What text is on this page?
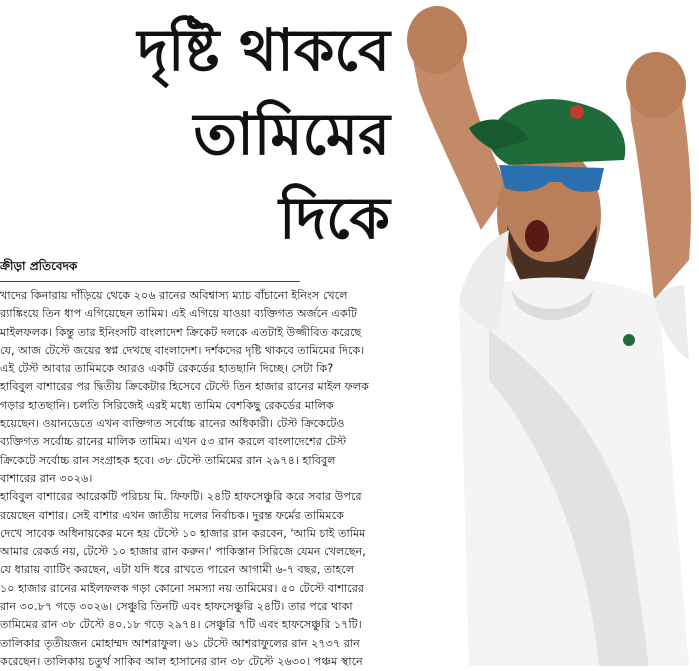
দৃষ্টি থাকবে
তামিমের
দিকে
ক্রীড়া প্রতিবেদক

খাদের কিনারায় দাঁড়িয়ে থেকে ২০৬ রানের অবিশ্বাস্য ম্যাচ বাঁচানো ইনিংস খেলে
র‍্যাঙ্কিংয়ে তিন ধাপ এগিয়েছেন তামিম। এই এগিয়ে যাওয়া ব্যক্তিগত অর্জনে একটি
মাইলফলক। কিন্তু তার ইনিংসটি বাংলাদেশ ক্রিকেট দলকে এতটাই উজ্জীবিত করেছে
যে, আজ টেস্টে জয়ের স্বপ্ন দেখছে বাংলাদেশ। দর্শকদের দৃষ্টি থাকবে তামিমের দিকে।
এই টেস্ট আবার তামিমকে আরও একটি রেকর্ডের হাতছানি দিচ্ছে। সেটা কি?
হাবিবুল বাশারের পর দ্বিতীয় ক্রিকেটার হিসেবে টেস্টে তিন হাজার রানের মাইল ফলক
গড়ার হাতছানি। চলতি সিরিজেই এরই মধ্যে তামিম বেশকিছু রেকর্ডের মালিক
হয়েছেন। ওয়ানডেতে এখন ব্যক্তিগত সর্বোচ্চ রানের অধিকারী। টেস্ট ক্রিকেটেও
ব্যক্তিগত সর্বোচ্চ রানের মালিক তামিম। এখন ৫৩ রান করলে বাংলাদেশের টেস্ট
ক্রিকেটে সর্বোচ্চ রান সংগ্রাহক হবে। ৩৮ টেস্টে তামিমের রান ২৯৭৪। হাবিবুল
বাশারের রান ৩০২৬।

হাবিবুল বাশারের আরেকটি পরিচয় মি. ফিফটি। ২৪টি হাফসেঞ্চুরি করে সবার উপরে
রয়েছেন বাশার। সেই বাশার এখন জাতীয় দলের নির্বাচক। দুরন্ত ফর্মের তামিমকে
দেখে সাবেক অধিনায়কের মনে হয় টেস্টে ১০ হাজার রান করবেন, 'আমি চাই তামিম
আমার রেকর্ড নয়, টেস্টে ১০ হাজার রান করুন।' পাকিস্তান সিরিজে যেমন খেলছেন,
যে ধারায় ব্যাটিং করছেন, এটা যদি ধরে রাখতে পারেন আগামী ৬-৭ বছর, তাহলে
১০ হাজার রানের মাইলফলক গড়া কোনো সমস্যা নয় তামিমের। ৫০ টেস্টে বাশারের
রান ৩০.৮৭ গড়ে ৩০২৬। সেঞ্চুরি তিনটি এবং হাফসেঞ্চুরি ২৪টি। তার পরে থাকা
তামিমের রান ৩৮ টেস্টে ৪০.১৮ গড়ে ২৯৭৪। সেঞ্চুরি ৭টি এবং হাফসেঞ্চুরি ১৭টি।
তালিকার তৃতীয়জন মোহাম্মদ আশরাফুল। ৬১ টেস্টে আশরাফুলের রান ২৭৩৭ রান
করেছেন। তালিকায় চতুর্থ সাকিব আল হাসানের রান ৩৮ টেস্টে ২৬৩০। পঞ্চম স্থানে
